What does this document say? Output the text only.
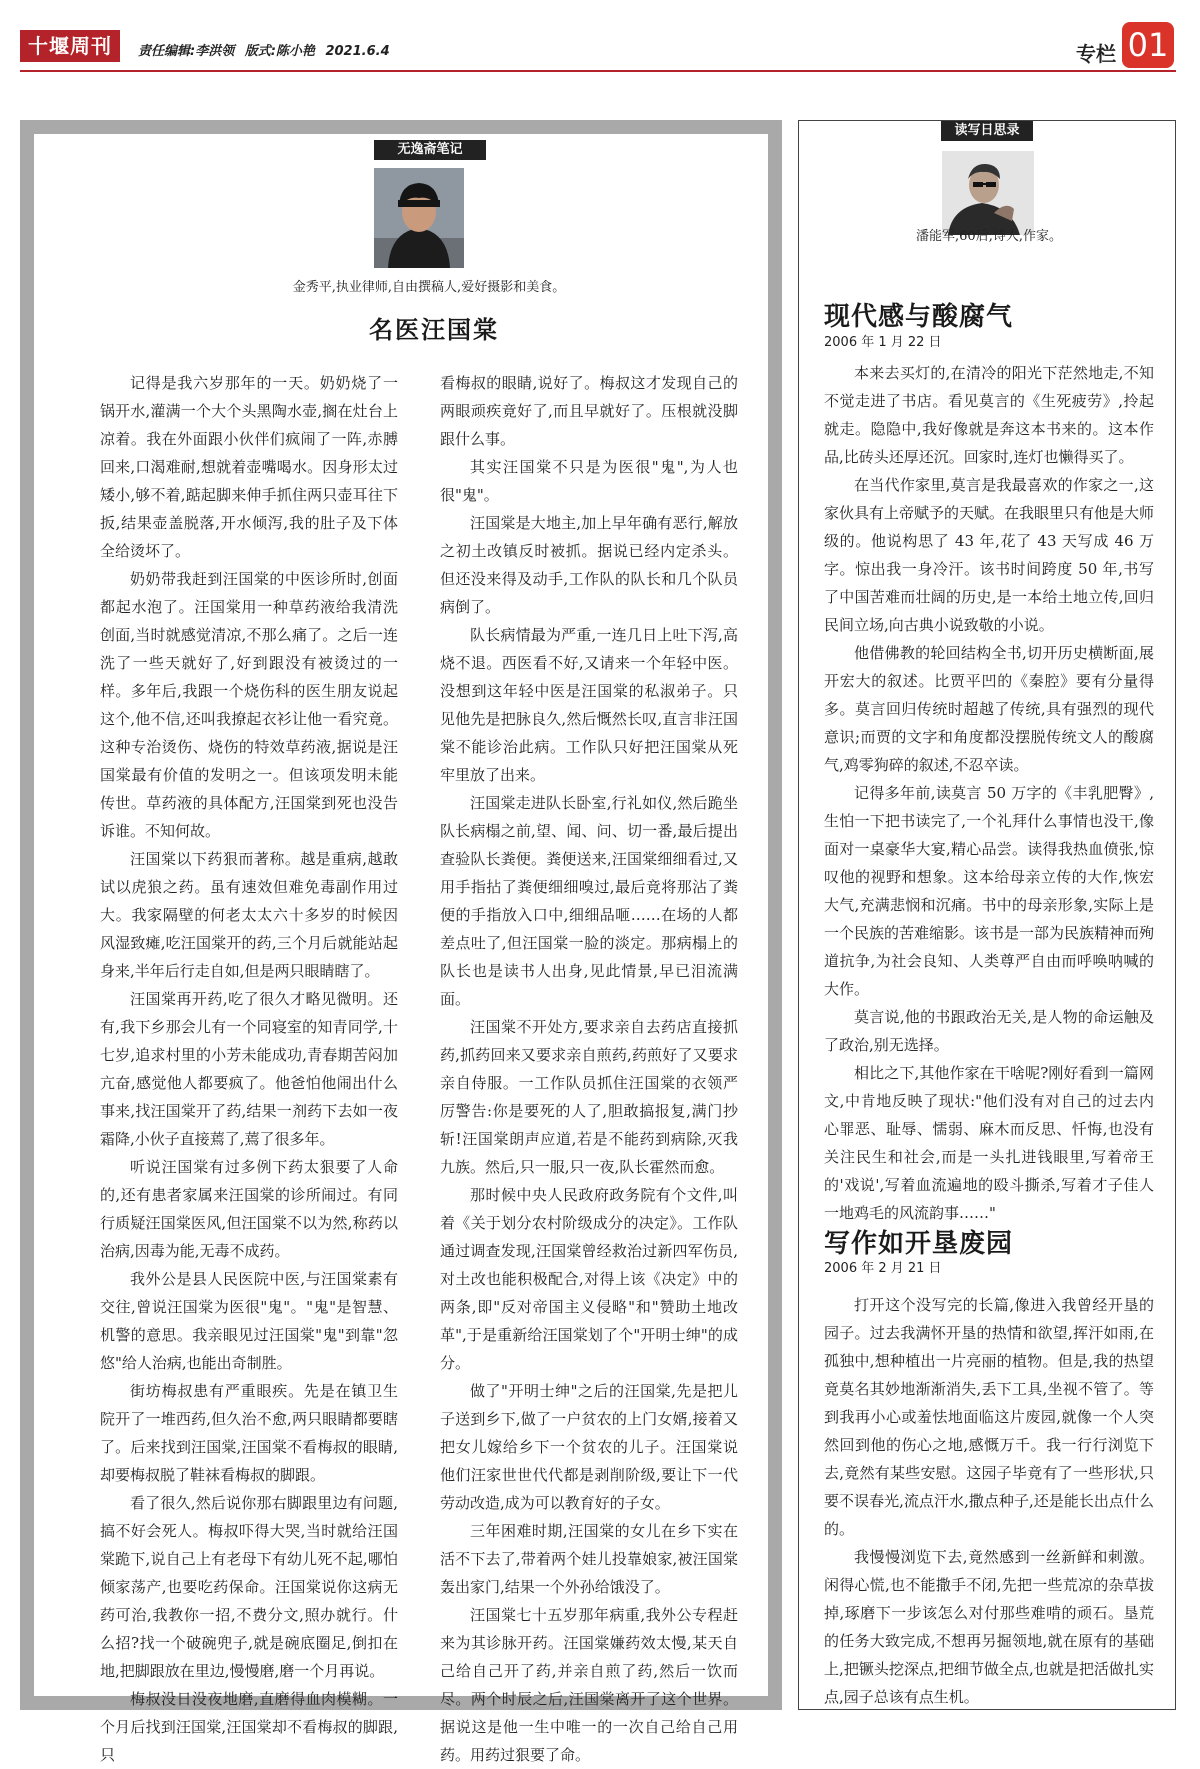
十堰周刊	责任编辑:李洪领 版式:陈小艳 2021.6.4	专栏 01
无逸斋笔记
金秀平,执业律师,自由撰稿人,爱好摄影和美食。
名医汪国棠

记得是我六岁那年的一天。奶奶烧了一锅开水,灌满一个大个头黑陶水壶,搁在灶台上凉着。我在外面跟小伙伴们疯闹了一阵,赤膊回来,口渴难耐,想就着壶嘴喝水。因身形太过矮小,够不着,踮起脚来伸手抓住两只壶耳往下扳,结果壶盖脱落,开水倾泻,我的肚子及下体全给烫坏了。

奶奶带我赶到汪国棠的中医诊所时,创面都起水泡了。汪国棠用一种草药液给我清洗创面,当时就感觉清凉,不那么痛了。之后一连洗了一些天就好了,好到跟没有被烫过的一样。多年后,我跟一个烧伤科的医生朋友说起这个,他不信,还叫我撩起衣衫让他一看究竟。这种专治烫伤、烧伤的特效草药液,据说是汪国棠最有价值的发明之一。但该项发明未能传世。草药液的具体配方,汪国棠到死也没告诉谁。不知何故。

汪国棠以下药狠而著称。越是重病,越敢试以虎狼之药。虽有速效但难免毒副作用过大。我家隔壁的何老太太六十多岁的时候因风湿致瘫,吃汪国棠开的药,三个月后就能站起身来,半年后行走自如,但是两只眼睛瞎了。

汪国棠再开药,吃了很久才略见微明。还有,我下乡那会儿有一个同寝室的知青同学,十七岁,追求村里的小芳未能成功,青春期苦闷加亢奋,感觉他人都要疯了。他爸怕他闹出什么事来,找汪国棠开了药,结果一剂药下去如一夜霜降,小伙子直接蔫了,蔫了很多年。

听说汪国棠有过多例下药太狠要了人命的,还有患者家属来汪国棠的诊所闹过。有同行质疑汪国棠医风,但汪国棠不以为然,称药以治病,因毒为能,无毒不成药。

我外公是县人民医院中医,与汪国棠素有交往,曾说汪国棠为医很"鬼"。"鬼"是智慧、机警的意思。我亲眼见过汪国棠"鬼"到靠"忽悠"给人治病,也能出奇制胜。

街坊梅叔患有严重眼疾。先是在镇卫生院开了一堆西药,但久治不愈,两只眼睛都要瞎了。后来找到汪国棠,汪国棠不看梅叔的眼睛,却要梅叔脱了鞋袜看梅叔的脚跟。

看了很久,然后说你那右脚跟里边有问题,搞不好会死人。梅叔吓得大哭,当时就给汪国棠跪下,说自己上有老母下有幼儿死不起,哪怕倾家荡产,也要吃药保命。汪国棠说你这病无药可治,我教你一招,不费分文,照办就行。什么招?找一个破碗兜子,就是碗底圈足,倒扣在地,把脚跟放在里边,慢慢磨,磨一个月再说。

梅叔没日没夜地磨,直磨得血肉模糊。一个月后找到汪国棠,汪国棠却不看梅叔的脚跟,只

看梅叔的眼睛,说好了。梅叔这才发现自己的两眼顽疾竟好了,而且早就好了。压根就没脚跟什么事。

其实汪国棠不只是为医很"鬼",为人也很"鬼"。

汪国棠是大地主,加上早年确有恶行,解放之初土改镇反时被抓。据说已经内定杀头。但还没来得及动手,工作队的队长和几个队员病倒了。

队长病情最为严重,一连几日上吐下泻,高烧不退。西医看不好,又请来一个年轻中医。没想到这年轻中医是汪国棠的私淑弟子。只见他先是把脉良久,然后慨然长叹,直言非汪国棠不能诊治此病。工作队只好把汪国棠从死牢里放了出来。

汪国棠走进队长卧室,行礼如仪,然后跪坐队长病榻之前,望、闻、问、切一番,最后提出查验队长粪便。粪便送来,汪国棠细细看过,又用手指拈了粪便细细嗅过,最后竟将那沾了粪便的手指放入口中,细细品咂……在场的人都差点吐了,但汪国棠一脸的淡定。那病榻上的队长也是读书人出身,见此情景,早已泪流满面。

汪国棠不开处方,要求亲自去药店直接抓药,抓药回来又要求亲自煎药,药煎好了又要求亲自侍服。一工作队员抓住汪国棠的衣领严厉警告:你是要死的人了,胆敢搞报复,满门抄斩!汪国棠朗声应道,若是不能药到病除,灭我九族。然后,只一服,只一夜,队长霍然而愈。

那时候中央人民政府政务院有个文件,叫着《关于划分农村阶级成分的决定》。工作队通过调查发现,汪国棠曾经救治过新四军伤员,对土改也能积极配合,对得上该《决定》中的两条,即"反对帝国主义侵略"和"赞助土地改革",于是重新给汪国棠划了个"开明士绅"的成分。

做了"开明士绅"之后的汪国棠,先是把儿子送到乡下,做了一户贫农的上门女婿,接着又把女儿嫁给乡下一个贫农的儿子。汪国棠说他们汪家世世代代都是剥削阶级,要让下一代劳动改造,成为可以教育好的子女。

三年困难时期,汪国棠的女儿在乡下实在活不下去了,带着两个娃儿投靠娘家,被汪国棠轰出家门,结果一个外孙给饿没了。

汪国棠七十五岁那年病重,我外公专程赶来为其诊脉开药。汪国棠嫌药效太慢,某天自己给自己开了药,并亲自煎了药,然后一饮而尽。两个时辰之后,汪国棠离开了这个世界。据说这是他一生中唯一的一次自己给自己用药。用药过狠要了命。

读写日思录
潘能军,60后,诗人,作家。
现代感与酸腐气
2006 年 1 月 22 日

本来去买灯的,在清冷的阳光下茫然地走,不知不觉走进了书店。看见莫言的《生死疲劳》,拎起就走。隐隐中,我好像就是奔这本书来的。这本作品,比砖头还厚还沉。回家时,连灯也懒得买了。

在当代作家里,莫言是我最喜欢的作家之一,这家伙具有上帝赋予的天赋。在我眼里只有他是大师级的。他说构思了 43 年,花了 43 天写成 46 万字。惊出我一身冷汗。该书时间跨度 50 年,书写了中国苦难而壮阔的历史,是一本给土地立传,回归民间立场,向古典小说致敬的小说。

他借佛教的轮回结构全书,切开历史横断面,展开宏大的叙述。比贾平凹的《秦腔》要有分量得多。莫言回归传统时超越了传统,具有强烈的现代意识;而贾的文字和角度都没摆脱传统文人的酸腐气,鸡零狗碎的叙述,不忍卒读。

记得多年前,读莫言 50 万字的《丰乳肥臀》,生怕一下把书读完了,一个礼拜什么事情也没干,像面对一桌豪华大宴,精心品尝。读得我热血偾张,惊叹他的视野和想象。这本给母亲立传的大作,恢宏大气,充满悲悯和沉痛。书中的母亲形象,实际上是一个民族的苦难缩影。该书是一部为民族精神而殉道抗争,为社会良知、人类尊严自由而呼唤呐喊的大作。

莫言说,他的书跟政治无关,是人物的命运触及了政治,别无选择。

相比之下,其他作家在干啥呢?刚好看到一篇网文,中肯地反映了现状:"他们没有对自己的过去内心罪恶、耻辱、懦弱、麻木而反思、忏悔,也没有关注民生和社会,而是一头扎进钱眼里,写着帝王的'戏说',写着血流遍地的殴斗撕杀,写着才子佳人一地鸡毛的风流韵事……"

写作如开垦废园
2006 年 2 月 21 日

打开这个没写完的长篇,像进入我曾经开垦的园子。过去我满怀开垦的热情和欲望,挥汗如雨,在孤独中,想种植出一片亮丽的植物。但是,我的热望竟莫名其妙地渐渐消失,丢下工具,坐视不管了。等到我再小心或羞怯地面临这片废园,就像一个人突然回到他的伤心之地,感慨万千。我一行行浏览下去,竟然有某些安慰。这园子毕竟有了一些形状,只要不误春光,流点汗水,撒点种子,还是能长出点什么的。

我慢慢浏览下去,竟然感到一丝新鲜和刺激。闲得心慌,也不能撒手不闭,先把一些荒凉的杂草拔掉,琢磨下一步该怎么对付那些难啃的顽石。垦荒的任务大致完成,不想再另掘领地,就在原有的基础上,把镢头挖深点,把细节做全点,也就是把活做扎实点,园子总该有点生机。
